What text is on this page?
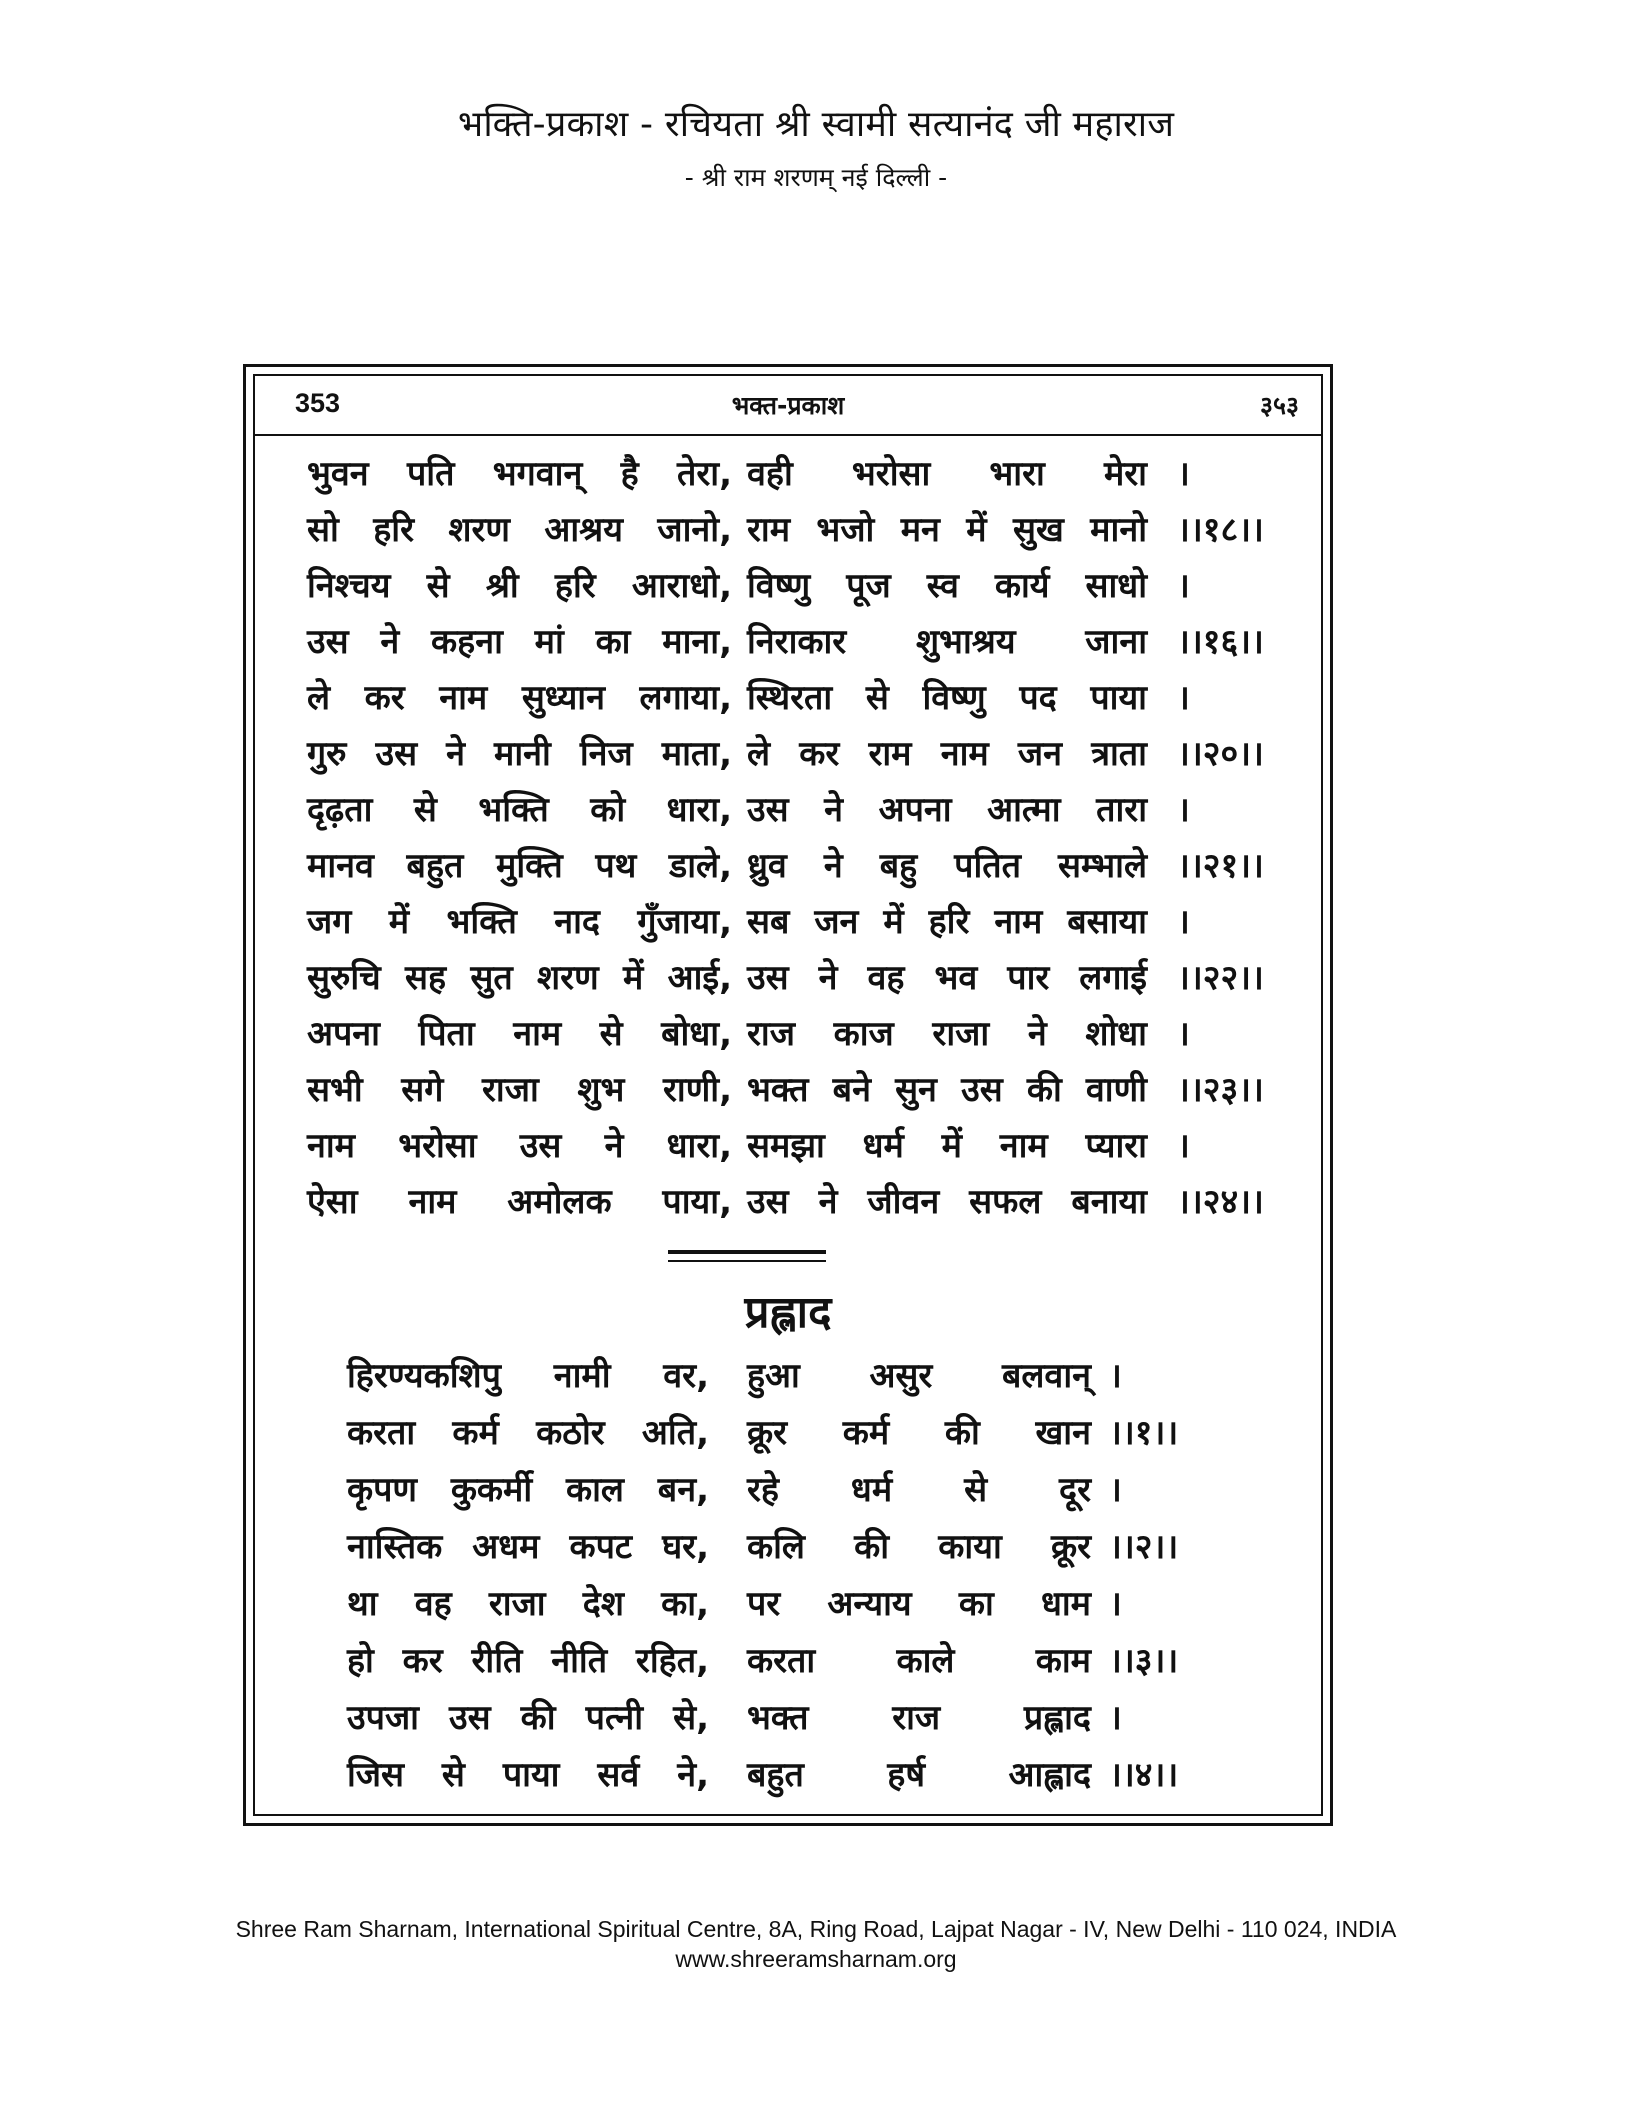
भक्ति-प्रकाश - रचियता श्री स्वामी सत्यानंद जी महाराज
- श्री राम शरणम् नई दिल्ली -
353	भक्त-प्रकाश	३५३
भुवन पति भगवान् है तेरा, वही भरोसा भारा मेरा ।
सो हरि शरण आश्रय जानो, राम भजो मन में सुख मानो ।।१८।।
निश्चय से श्री हरि आराधो, विष्णु पूज स्व कार्य साधो ।
उस ने कहना मां का माना, निराकार शुभाश्रय जाना ।।१६।।
ले कर नाम सुध्यान लगाया, स्थिरता से विष्णु पद पाया ।
गुरु उस ने मानी निज माता, ले कर राम नाम जन त्राता ।।२०।।
दृढ़ता से भक्ति को धारा, उस ने अपना आत्मा तारा ।
मानव बहुत मुक्ति पथ डाले, ध्रुव ने बहु पतित सम्भाले ।।२१।।
जग में भक्ति नाद गुँजाया, सब जन में हरि नाम बसाया ।
सुरुचि सह सुत शरण में आई, उस ने वह भव पार लगाई ।।२२।।
अपना पिता नाम से बोधा, राज काज राजा ने शोधा ।
सभी सगे राजा शुभ राणी, भक्त बने सुन उस की वाणी ।।२३।।
नाम भरोसा उस ने धारा, समझा धर्म में नाम प्यारा ।
ऐसा नाम अमोलक पाया, उस ने जीवन सफल बनाया ।।२४।।
प्रह्लाद
हिरण्यकशिपु नामी वर, हुआ असुर बलवान् ।
करता कर्म कठोर अति, क्रूर कर्म की खान ।।१।।
कृपण कुकर्मी काल बन, रहे धर्म से दूर ।
नास्तिक अधम कपट घर, कलि की काया क्रूर ।।२।।
था वह राजा देश का, पर अन्याय का धाम ।
हो कर रीति नीति रहित, करता काले काम ।।३।।
उपजा उस की पत्नी से, भक्त राज प्रह्लाद ।
जिस से पाया सर्व ने, बहुत हर्ष आह्लाद ।।४।।
Shree Ram Sharnam, International Spiritual Centre, 8A, Ring Road, Lajpat Nagar - IV, New Delhi - 110 024, INDIA
www.shreeramsharnam.org
